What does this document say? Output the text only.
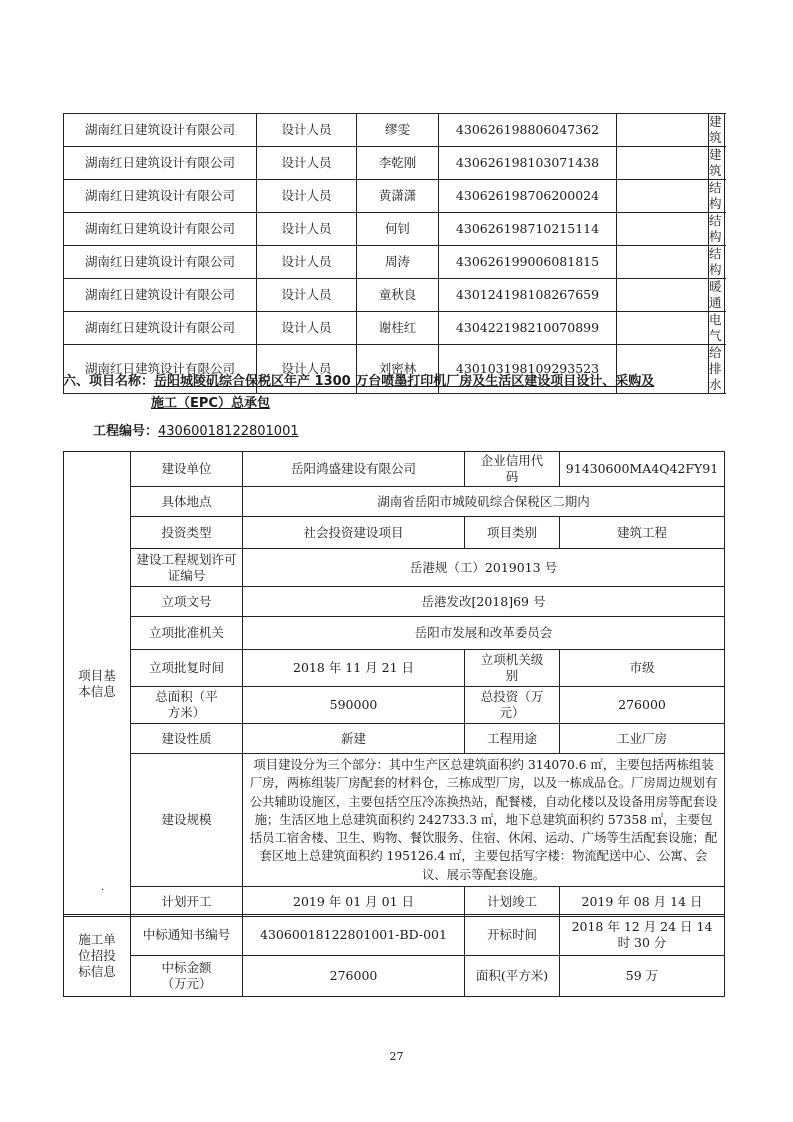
湖南红日建筑设计有限公司	设计人员	缪雯	430626198806047362		建筑
湖南红日建筑设计有限公司	设计人员	李乾刚	430626198103071438		建筑
湖南红日建筑设计有限公司	设计人员	黄潇潇	430626198706200024		结构
湖南红日建筑设计有限公司	设计人员	何钊	430626198710215114		结构
湖南红日建筑设计有限公司	设计人员	周涛	430626199006081815		结构
湖南红日建筑设计有限公司	设计人员	童秋良	430124198108267659		暖通
湖南红日建筑设计有限公司	设计人员	谢桂红	430422198210070899		电气
湖南红日建筑设计有限公司	设计人员	刘密林	430103198109293523		给排水
六、项目名称：岳阳城陵矶综合保税区年产 1300 万台喷墨打印机厂房及生活区建设项目设计、采购及
施工（EPC）总承包
工程编号：43060018122801001
项目基本信息	建设单位	岳阳鸿盛建设有限公司	企业信用代码	91430600MA4Q42FY91
	具体地点	湖南省岳阳市城陵矶综合保税区二期内		
	投资类型	社会投资建设项目	项目类别	建筑工程

	建设工程规划许可证编号	岳港规（工）2019013 号		
	立项文号	岳港发改[2018]69 号		
	立项批准机关	岳阳市发展和改革委员会		
	立项批复时间	2018 年 11 月 21 日	立项机关级别	市级

	总面积（平方米）	590000	总投资（万元）	276000
	建设性质	新建	工程用途	工业厂房
	建设规模	项目建设分为三个部分：其中生产区总建筑面积约 314070.6 ㎡，主要包括两栋组装厂房，两栋组装厂房配套的材料仓，三栋成型厂房，以及一栋成品仓。厂房周边规划有公共辅助设施区，主要包括空压冷冻换热站，配餐楼，自动化楼以及设备用房等配套设施；生活区地上总建筑面积约 242733.3 ㎡，地下总建筑面积约 57358 ㎡，主要包括员工宿舍楼、卫生、购物、餐饮服务、住宿、休闲、运动、广场等生活配套设施；配套区地上总建筑面积约 195126.4 ㎡，主要包括写字楼：物流配送中心、公寓、会议、展示等配套设施。		
	计划开工	2019 年 01 月 01 日	计划竣工	2019 年 08 月 14 日
施工单位招投标信息	中标通知书编号	43060018122801001-BD-001	开标时间	2018 年 12 月 24 日 14 时 30 分

	中标金额（万元）	276000	面积(平方米)	59 万
·
27
